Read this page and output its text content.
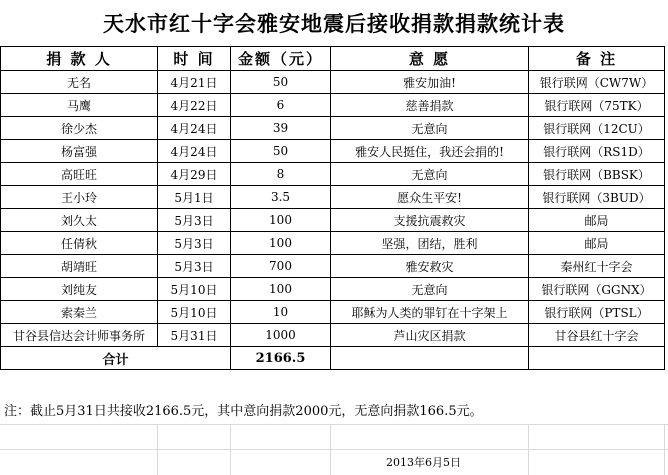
天水市红十字会雅安地震后接收捐款捐款统计表
捐 款 人	时 间	金额（元）	意 愿	备 注
无名	4月21日	50	雅安加油!	银行联网（CW7W）
马鹰	4月22日	6	慈善捐款	银行联网（75TK）
徐少杰	4月24日	39	无意向	银行联网（12CU）
杨富强	4月24日	50	雅安人民挺住，我还会捐的!	银行联网（RS1D）
高旺旺	4月29日	8	无意向	银行联网（BBSK）
王小玲	5月1日	3.5	愿众生平安!	银行联网（3BUD）
刘久太	5月3日	100	支援抗震救灾	邮局
任倩秋	5月3日	100	坚强，团结，胜利	邮局
胡靖旺	5月3日	700	雅安救灾	秦州红十字会
刘纯友	5月10日	100	无意向	银行联网（GGNX）
索秦兰	5月10日	10	耶稣为人类的罪钉在十字架上	银行联网（PTSL）
甘谷县信达会计师事务所	5月31日	1000	芦山灾区捐款	甘谷县红十字会
合计		2166.5		
注：截止5月31日共接收2166.5元，其中意向捐款2000元，无意向捐款166.5元。
2013年6月5日
